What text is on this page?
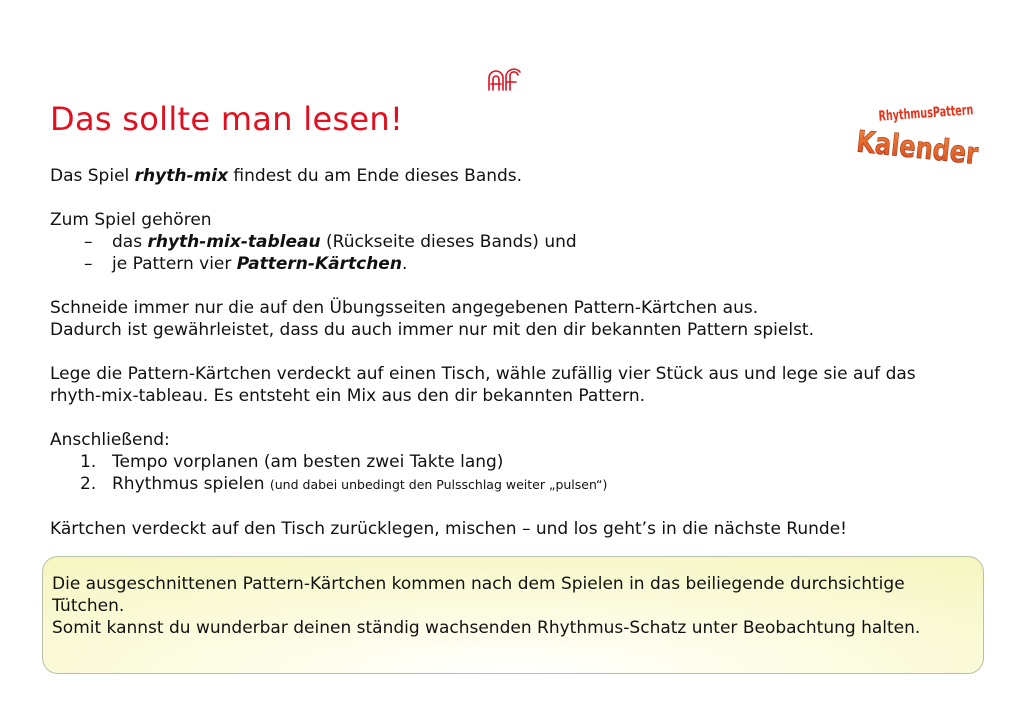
Das sollte man lesen!	RhythmusPattern
Kalender

Das Spiel rhyth-mix findest du am Ende dieses Bands.

Zum Spiel gehören

– das rhyth-mix-tableau (Rückseite dieses Bands) und
– je Pattern vier Pattern-Kärtchen.

Schneide immer nur die auf den Übungsseiten angegebenen Pattern-Kärtchen aus.
Dadurch ist gewährleistet, dass du auch immer nur mit den dir bekannten Pattern spielst.

Lege die Pattern-Kärtchen verdeckt auf einen Tisch, wähle zufällig vier Stück aus und lege sie auf das
rhyth-mix-tableau. Es entsteht ein Mix aus den dir bekannten Pattern.

Anschließend:

1. Tempo vorplanen (am besten zwei Takte lang)
2. Rhythmus spielen (und dabei unbedingt den Pulsschlag weiter „pulsen“)

Kärtchen verdeckt auf den Tisch zurücklegen, mischen – und los geht’s in die nächste Runde!

Die ausgeschnittenen Pattern-Kärtchen kommen nach dem Spielen in das beiliegende durchsichtige
Tütchen.
Somit kannst du wunderbar deinen ständig wachsenden Rhythmus-Schatz unter Beobachtung halten.
